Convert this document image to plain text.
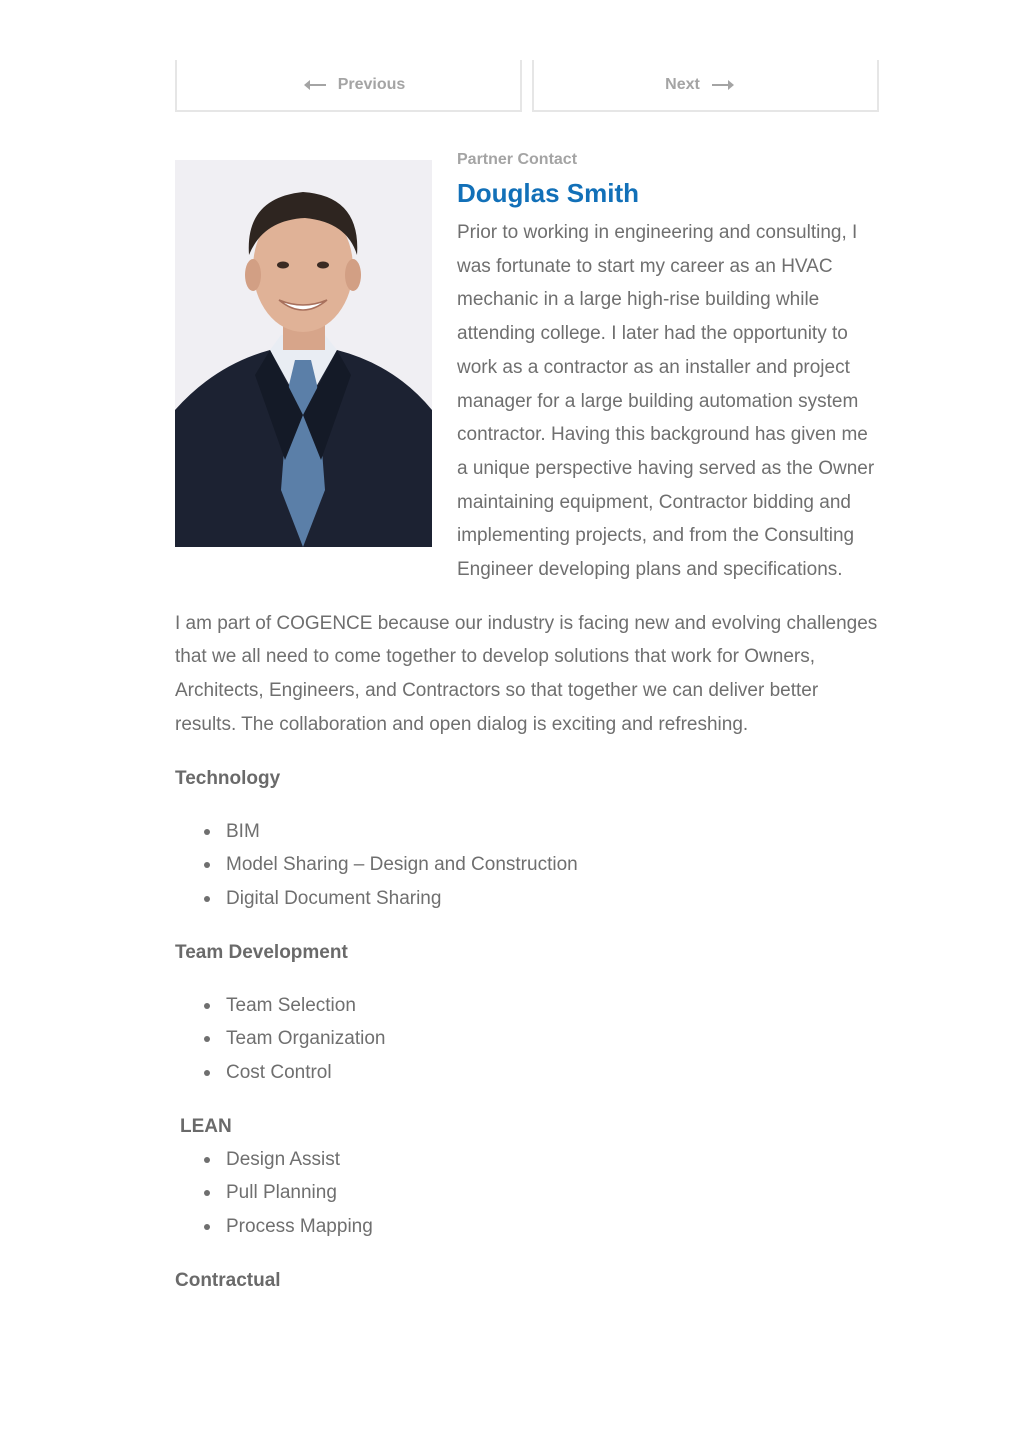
Previous	Next
Partner Contact
Douglas Smith

Prior to working in engineering and consulting, I was fortunate to start my career as an HVAC mechanic in a large high-rise building while attending college. I later had the opportunity to work as a contractor as an installer and project manager for a large building automation system contractor. Having this background has given me a unique perspective having served as the Owner maintaining equipment, Contractor bidding and implementing projects, and from the Consulting Engineer developing plans and specifications.

I am part of COGENCE because our industry is facing new and evolving challenges that we all need to come together to develop solutions that work for Owners, Architects, Engineers, and Contractors so that together we can deliver better results. The collaboration and open dialog is exciting and refreshing.

Technology
BIM
Model Sharing – Design and Construction
Digital Document Sharing
Team Development
Team Selection
Team Organization
Cost Control
LEAN
Design Assist
Pull Planning
Process Mapping
Contractual
